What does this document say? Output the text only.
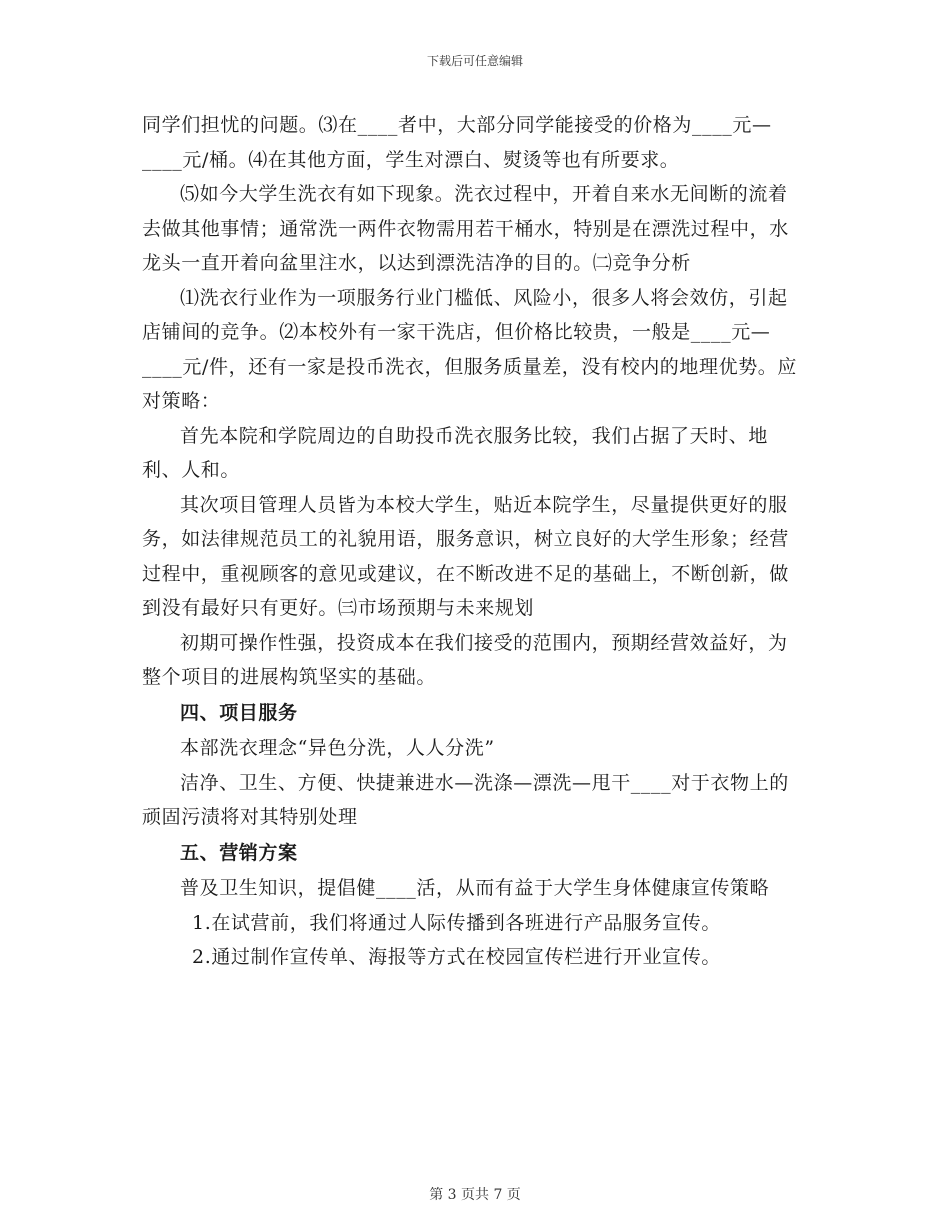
下载后可任意编辑

同学们担忧的问题。⑶在____者中，大部分同学能接受的价格为____元—____元/桶。⑷在其他方面，学生对漂白、熨烫等也有所要求。

⑸如今大学生洗衣有如下现象。洗衣过程中，开着自来水无间断的流着去做其他事情；通常洗一两件衣物需用若干桶水，特别是在漂洗过程中，水龙头一直开着向盆里注水，以达到漂洗洁净的目的。㈡竞争分析

⑴洗衣行业作为一项服务行业门槛低、风险小，很多人将会效仿，引起店铺间的竞争。⑵本校外有一家干洗店，但价格比较贵，一般是____元—____元/件，还有一家是投币洗衣，但服务质量差，没有校内的地理优势。应对策略：

首先本院和学院周边的自助投币洗衣服务比较，我们占据了天时、地利、人和。

其次项目管理人员皆为本校大学生，贴近本院学生，尽量提供更好的服务，如法律规范员工的礼貌用语，服务意识，树立良好的大学生形象；经营过程中，重视顾客的意见或建议，在不断改进不足的基础上，不断创新，做到没有最好只有更好。㈢市场预期与未来规划

初期可操作性强，投资成本在我们接受的范围内，预期经营效益好，为整个项目的进展构筑坚实的基础。

四、项目服务

本部洗衣理念“异色分洗，人人分洗”

洁净、卫生、方便、快捷兼进水—洗涤—漂洗—甩干____对于衣物上的顽固污渍将对其特别处理

五、营销方案

普及卫生知识，提倡健____活，从而有益于大学生身体健康宣传策略

1.在试营前，我们将通过人际传播到各班进行产品服务宣传。

2.通过制作宣传单、海报等方式在校园宣传栏进行开业宣传。

第 3 页共 7 页
